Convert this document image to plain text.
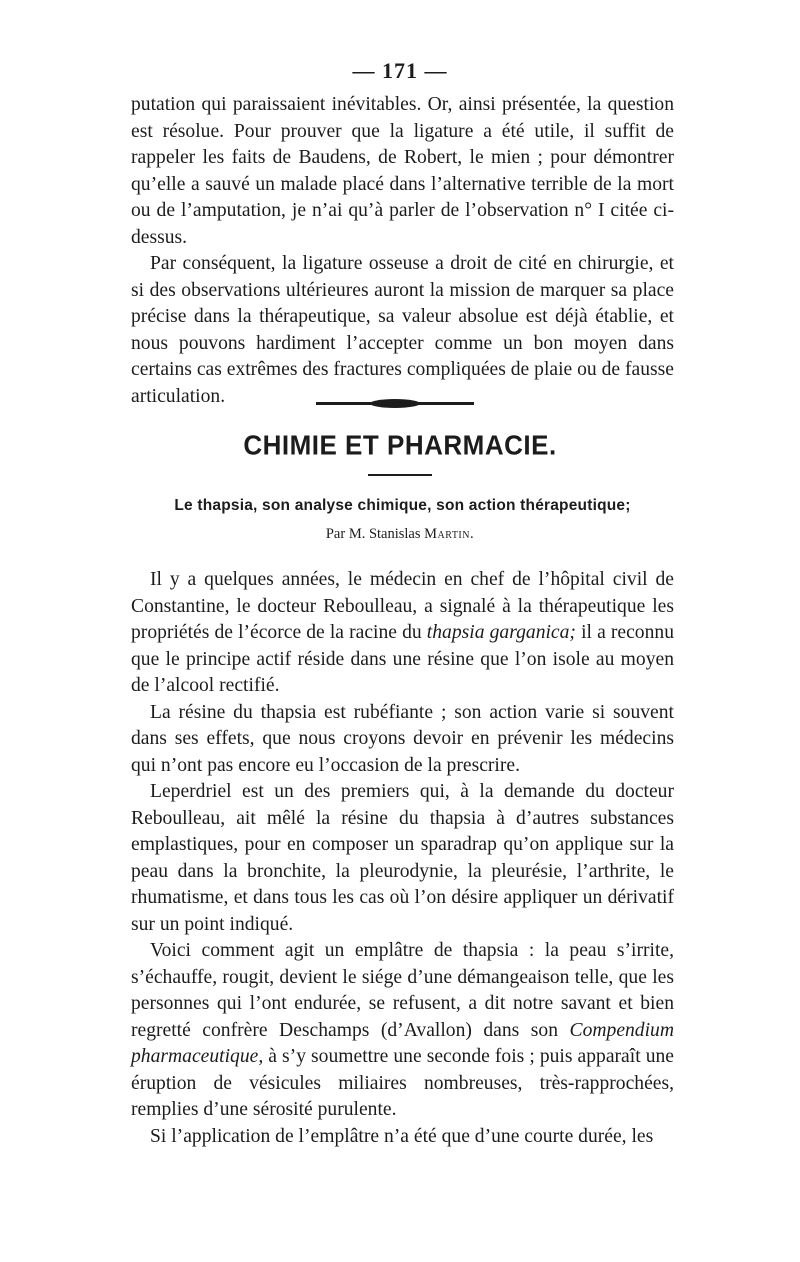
— 171 —

putation qui paraissaient inévitables. Or, ainsi présentée, la question est résolue. Pour prouver que la ligature a été utile, il suffit de rappeler les faits de Baudens, de Robert, le mien ; pour démontrer qu’elle a sauvé un malade placé dans l’alternative terrible de la mort ou de l’amputation, je n’ai qu’à parler de l’observation n° I citée ci-dessus.

Par conséquent, la ligature osseuse a droit de cité en chirurgie, et si des observations ultérieures auront la mission de marquer sa place précise dans la thérapeutique, sa valeur absolue est déjà établie, et nous pouvons hardiment l’accepter comme un bon moyen dans certains cas extrêmes des fractures compliquées de plaie ou de fausse articulation.

CHIMIE ET PHARMACIE.
Le thapsia, son analyse chimique, son action thérapeutique;
Par M. Stanislas Martin.

Il y a quelques années, le médecin en chef de l’hôpital civil de Constantine, le docteur Reboulleau, a signalé à la thérapeutique les propriétés de l’écorce de la racine du thapsia garganica; il a reconnu que le principe actif réside dans une résine que l’on isole au moyen de l’alcool rectifié.

La résine du thapsia est rubéfiante ; son action varie si souvent dans ses effets, que nous croyons devoir en prévenir les médecins qui n’ont pas encore eu l’occasion de la prescrire.

Leperdriel est un des premiers qui, à la demande du docteur Reboulleau, ait mêlé la résine du thapsia à d’autres substances emplastiques, pour en composer un sparadrap qu’on applique sur la peau dans la bronchite, la pleurodynie, la pleurésie, l’arthrite, le rhumatisme, et dans tous les cas où l’on désire appliquer un dérivatif sur un point indiqué.

Voici comment agit un emplâtre de thapsia : la peau s’irrite, s’échauffe, rougit, devient le siége d’une démangeaison telle, que les personnes qui l’ont endurée, se refusent, a dit notre savant et bien regretté confrère Deschamps (d’Avallon) dans son Compendium pharmaceutique, à s’y soumettre une seconde fois ; puis apparaît une éruption de vésicules miliaires nombreuses, très-rapprochées, remplies d’une sérosité purulente.

Si l’application de l’emplâtre n’a été que d’une courte durée, les
